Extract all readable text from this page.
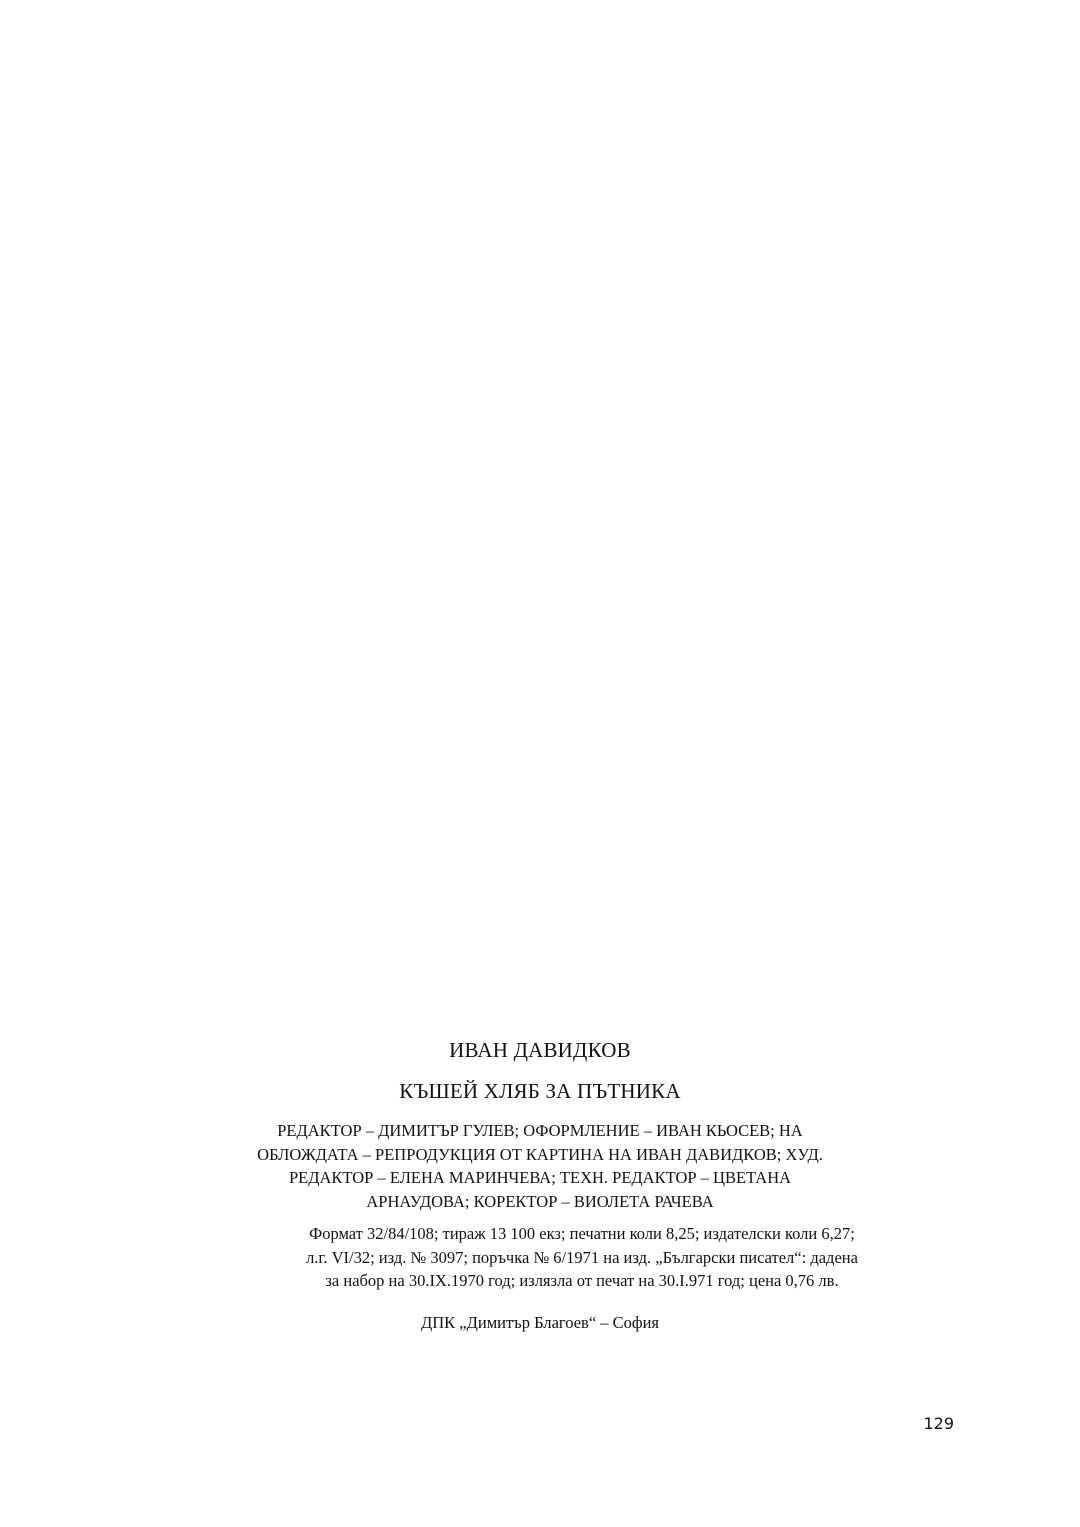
ИВАН ДАВИДКОВ
КЪШЕЙ ХЛЯБ ЗА ПЪТНИКА
РЕДАКТОР – ДИМИТЪР ГУЛЕВ; ОФОРМЛЕНИЕ – ИВАН КЬОСЕВ; НА ОБЛОЖДАТА – РЕПРОДУКЦИЯ ОТ КАРТИНА НА ИВАН ДАВИДКОВ; ХУД. РЕДАКТОР – ЕЛЕНА МАРИНЧЕВА; ТЕХН. РЕДАКТОР – ЦВЕТАНА АРНАУДОВА; КОРЕКТОР – ВИОЛЕТА РАЧЕВА
Формат 32/84/108; тираж 13 100 екз; печатни коли 8,25; издателски коли 6,27; л.г. VI/32; изд. № 3097; поръчка № 6/1971 на изд. „Български писател“: дадена за набор на 30.IX.1970 год; излязла от печат на 30.I.971 год; цена 0,76 лв.
ДПК „Димитър Благоев“ – София
129
